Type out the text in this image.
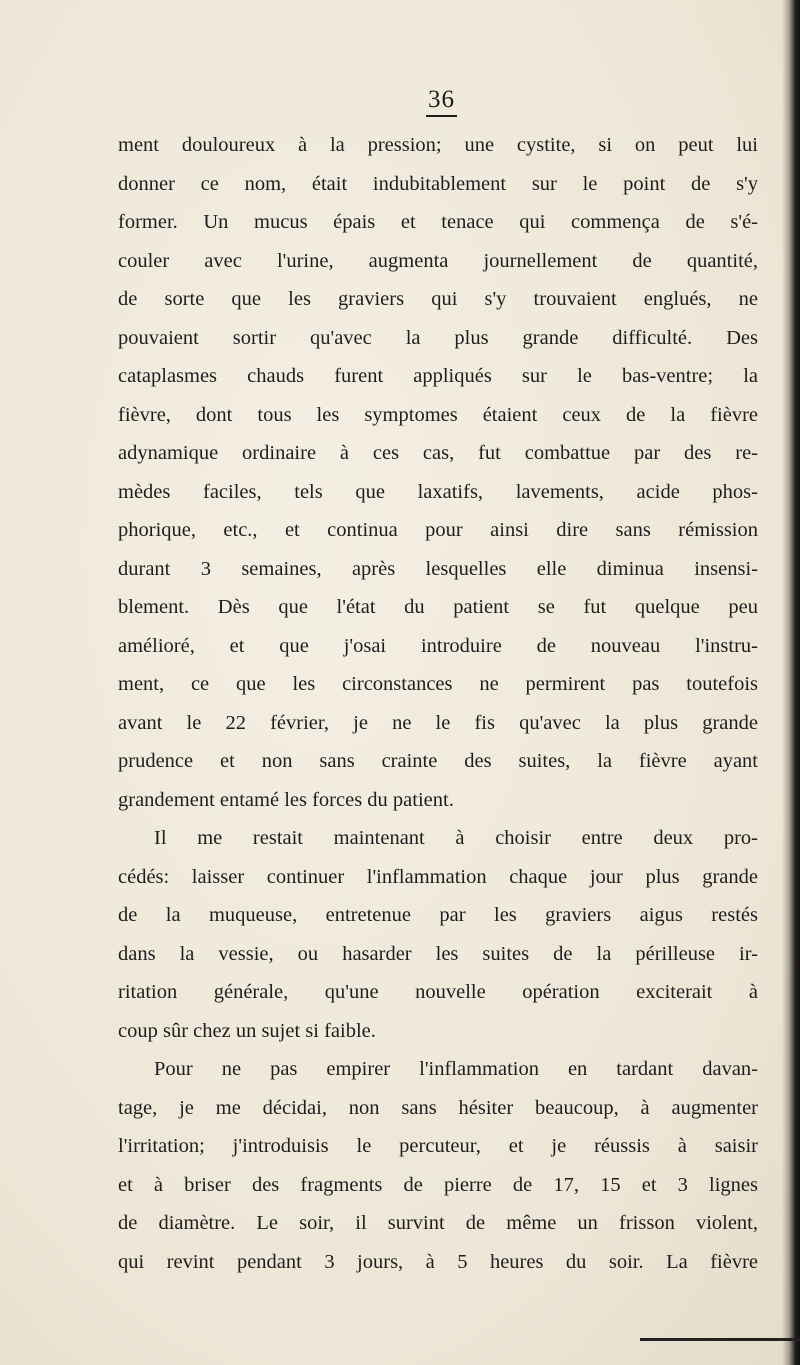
36
ment douloureux à la pression; une cystite, si on peut lui
donner ce nom, était indubitablement sur le point de s'y
former. Un mucus épais et tenace qui commença de s'é-
couler avec l'urine, augmenta journellement de quantité,
de sorte que les graviers qui s'y trouvaient englués, ne
pouvaient sortir qu'avec la plus grande difficulté. Des
cataplasmes chauds furent appliqués sur le bas-ventre; la
fièvre, dont tous les symptomes étaient ceux de la fièvre
adynamique ordinaire à ces cas, fut combattue par des re-
mèdes faciles, tels que laxatifs, lavements, acide phos-
phorique, etc., et continua pour ainsi dire sans rémission
durant 3 semaines, après lesquelles elle diminua insensi-
blement. Dès que l'état du patient se fut quelque peu
amélioré, et que j'osai introduire de nouveau l'instru-
ment, ce que les circonstances ne permirent pas toutefois
avant le 22 février, je ne le fis qu'avec la plus grande
prudence et non sans crainte des suites, la fièvre ayant
grandement entamé les forces du patient.
Il me restait maintenant à choisir entre deux pro-
cédés: laisser continuer l'inflammation chaque jour plus grande
de la muqueuse, entretenue par les graviers aigus restés
dans la vessie, ou hasarder les suites de la périlleuse ir-
ritation générale, qu'une nouvelle opération exciterait à
coup sûr chez un sujet si faible.
Pour ne pas empirer l'inflammation en tardant davan-
tage, je me décidai, non sans hésiter beaucoup, à augmenter
l'irritation; j'introduisis le percuteur, et je réussis à saisir
et à briser des fragments de pierre de 17, 15 et 3 lignes
de diamètre. Le soir, il survint de même un frisson violent,
qui revint pendant 3 jours, à 5 heures du soir. La fièvre
